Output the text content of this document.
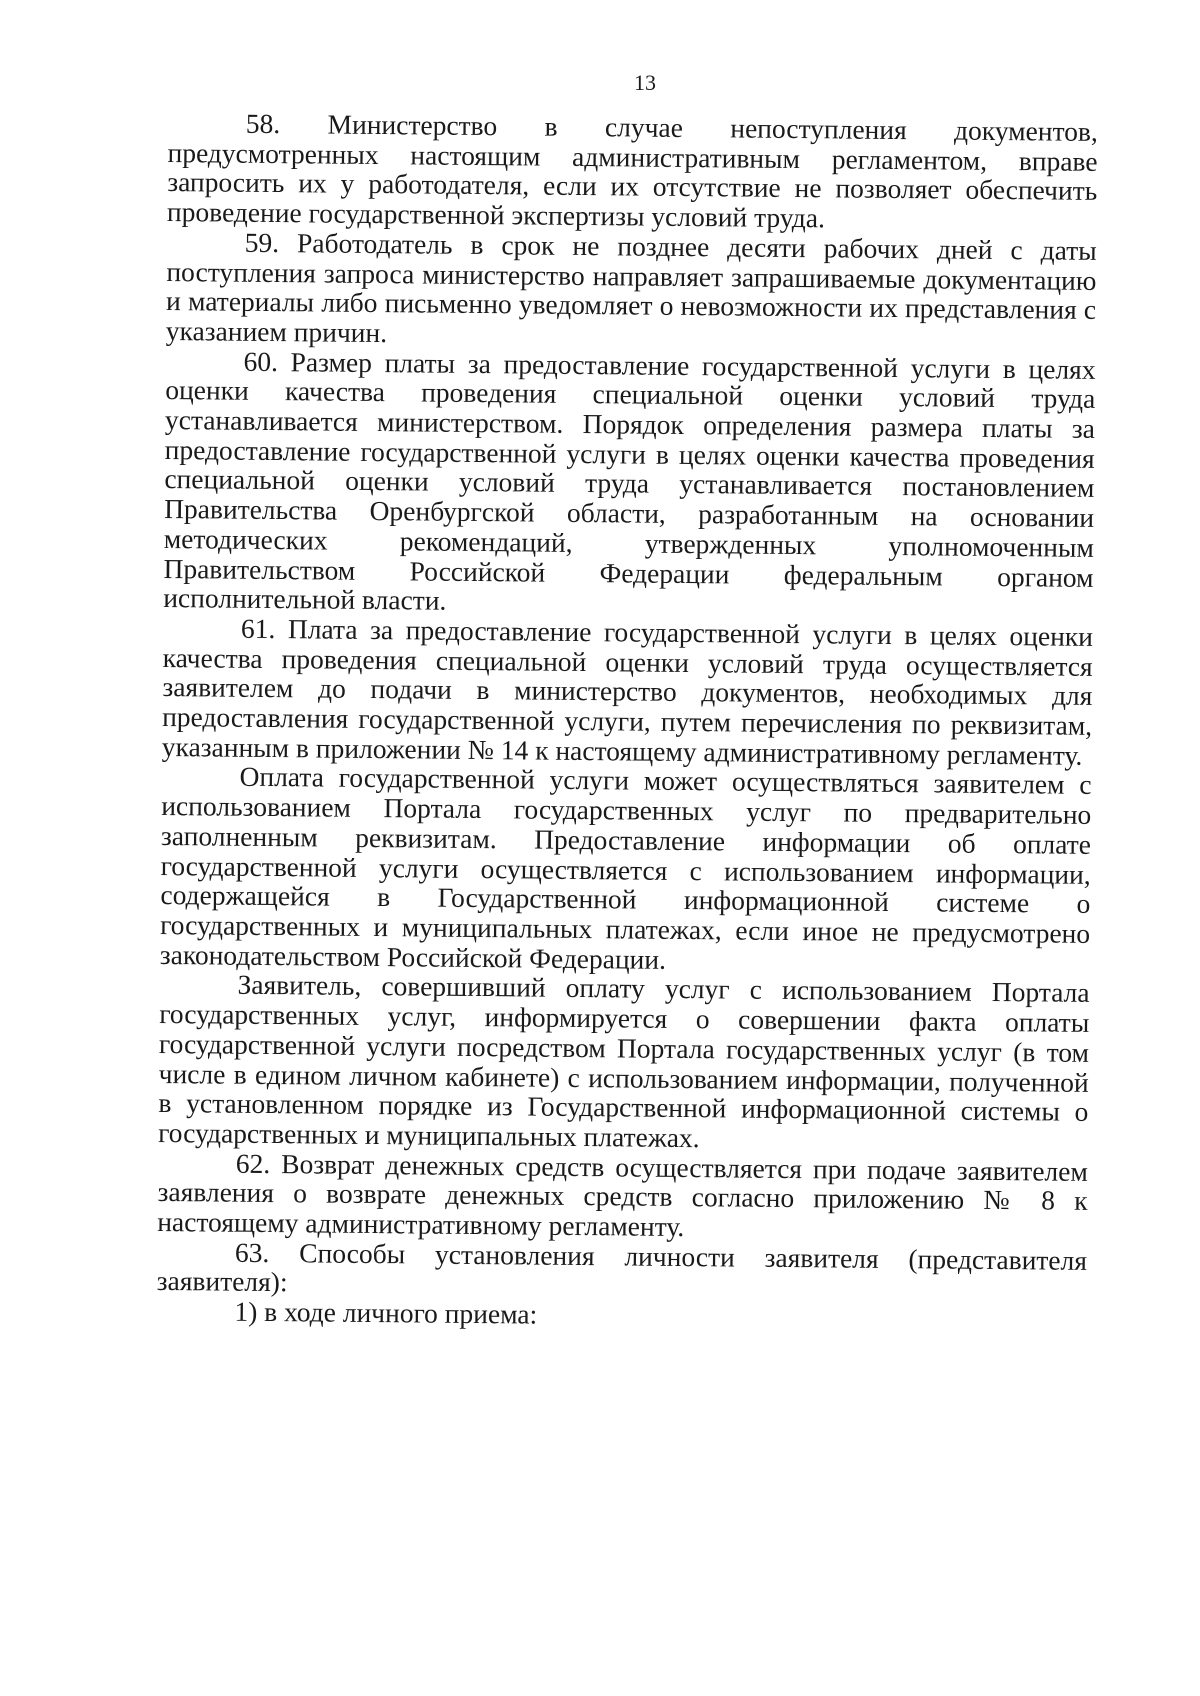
13

58. Министерство в случае непоступления документов, предусмотренных настоящим административным регламентом, вправе запросить их у работодателя, если их отсутствие не позволяет обеспечить проведение государственной экспертизы условий труда.

59. Работодатель в срок не позднее десяти рабочих дней с даты поступления запроса министерство направляет запрашиваемые документацию и материалы либо письменно уведомляет о невозможности их представления с указанием причин.

60. Размер платы за предоставление государственной услуги в целях оценки качества проведения специальной оценки условий труда устанавливается министерством. Порядок определения размера платы за предоставление государственной услуги в целях оценки качества проведения специальной оценки условий труда устанавливается постановлением Правительства Оренбургской области, разработанным на основании методических рекомендаций, утвержденных уполномоченным Правительством Российской Федерации федеральным органом исполнительной власти.

61. Плата за предоставление государственной услуги в целях оценки качества проведения специальной оценки условий труда осуществляется заявителем до подачи в министерство документов, необходимых для предоставления государственной услуги, путем перечисления по реквизитам, указанным в приложении № 14 к настоящему административному регламенту.

Оплата государственной услуги может осуществляться заявителем с использованием Портала государственных услуг по предварительно заполненным реквизитам. Предоставление информации об оплате государственной услуги осуществляется с использованием информации, содержащейся в Государственной информационной системе о государственных и муниципальных платежах, если иное не предусмотрено законодательством Российской Федерации.

Заявитель, совершивший оплату услуг с использованием Портала государственных услуг, информируется о совершении факта оплаты государственной услуги посредством Портала государственных услуг (в том числе в едином личном кабинете) с использованием информации, полученной в установленном порядке из Государственной информационной системы о государственных и муниципальных платежах.

62. Возврат денежных средств осуществляется при подаче заявителем заявления о возврате денежных средств согласно приложению № 8 к настоящему административному регламенту.

63. Способы установления личности заявителя (представителя заявителя):

1) в ходе личного приема:
